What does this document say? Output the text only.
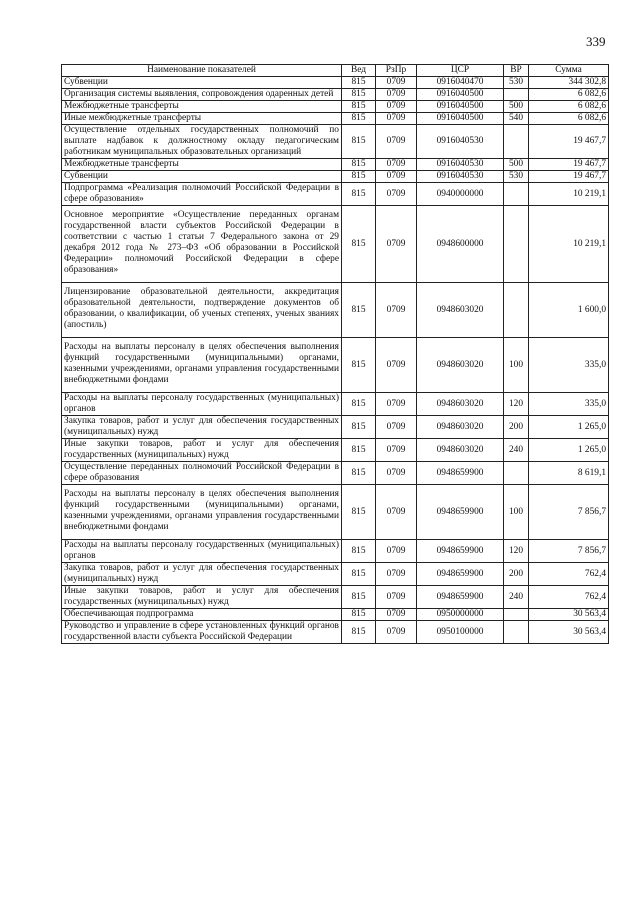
339
Наименование показателей	Вед	РзПр	ЦСР	ВР	Сумма
Субвенции	815	0709	0916040470	530	344 302,8
Организация системы выявления, сопровождения одаренных детей	815	0709	0916040500		6 082,6
Межбюджетные трансферты	815	0709	0916040500	500	6 082,6
Иные межбюджетные трансферты	815	0709	0916040500	540	6 082,6
Осуществление отдельных государственных полномочий по выплате надбавок к должностному окладу педагогическим работникам муниципальных образовательных организаций	815	0709	0916040530		19 467,7
Межбюджетные трансферты	815	0709	0916040530	500	19 467,7
Субвенции	815	0709	0916040530	530	19 467,7
Подпрограмма «Реализация полномочий Российской Федерации в сфере образования»	815	0709	0940000000		10 219,1
Основное мероприятие «Осуществление переданных органам государственной власти субъектов Российской Федерации в соответствии с частью 1 статьи 7 Федерального закона от 29 декабря 2012 года № 273–ФЗ «Об образовании в Российской Федерации» полномочий Российской Федерации в сфере образования»	815	0709	0948600000		10 219,1
Лицензирование образовательной деятельности, аккредитация образовательной деятельности, подтверждение документов об образовании, о квалификации, об ученых степенях, ученых званиях (апостиль)	815	0709	0948603020		1 600,0
Расходы на выплаты персоналу в целях обеспечения выполнения функций государственными (муниципальными) органами, казенными учреждениями, органами управления государственными внебюджетными фондами	815	0709	0948603020	100	335,0
Расходы на выплаты персоналу государственных (муниципальных) органов	815	0709	0948603020	120	335,0
Закупка товаров, работ и услуг для обеспечения государственных (муниципальных) нужд	815	0709	0948603020	200	1 265,0
Иные закупки товаров, работ и услуг для обеспечения государственных (муниципальных) нужд	815	0709	0948603020	240	1 265,0
Осуществление переданных полномочий Российской Федерации в сфере образования	815	0709	0948659900		8 619,1
Расходы на выплаты персоналу в целях обеспечения выполнения функций государственными (муниципальными) органами, казенными учреждениями, органами управления государственными внебюджетными фондами	815	0709	0948659900	100	7 856,7
Расходы на выплаты персоналу государственных (муниципальных) органов	815	0709	0948659900	120	7 856,7
Закупка товаров, работ и услуг для обеспечения государственных (муниципальных) нужд	815	0709	0948659900	200	762,4
Иные закупки товаров, работ и услуг для обеспечения государственных (муниципальных) нужд	815	0709	0948659900	240	762,4
Обеспечивающая подпрограмма	815	0709	0950000000		30 563,4
Руководство и управление в сфере установленных функций органов государственной власти субъекта Российской Федерации	815	0709	0950100000		30 563,4
